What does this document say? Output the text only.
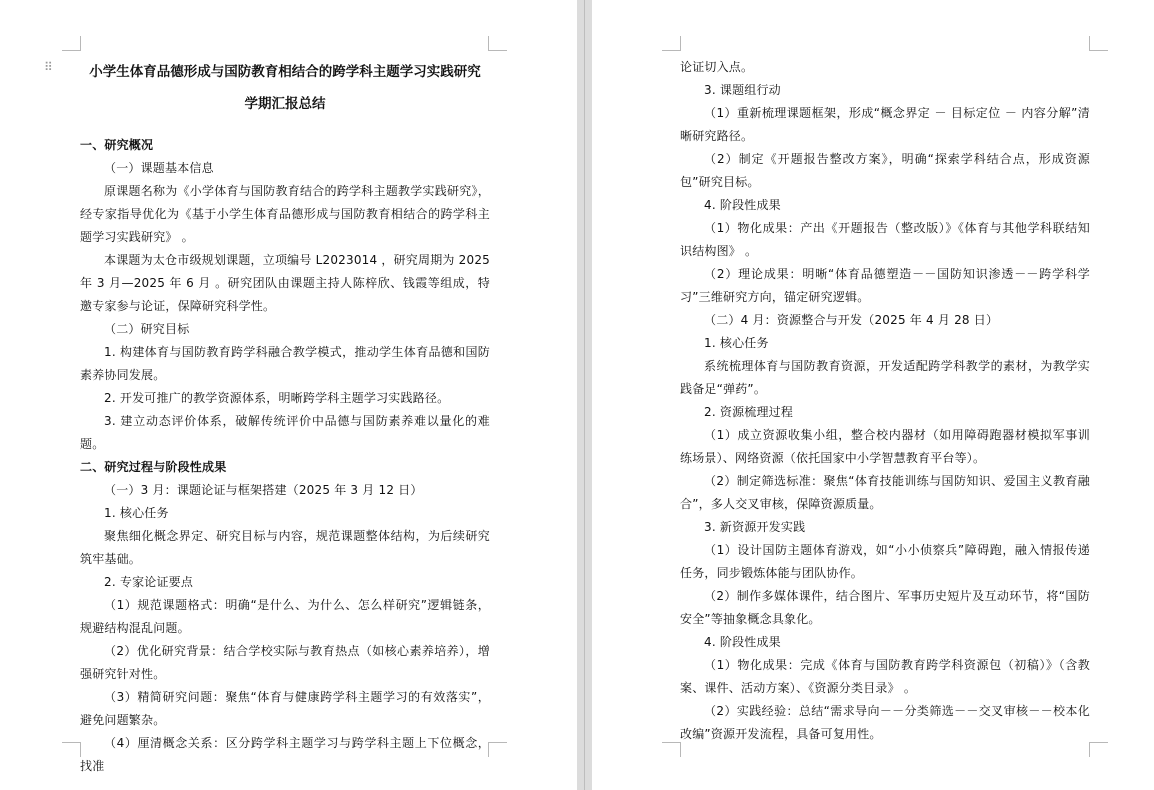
⠿	小学生体育品德形成与国防教育相结合的跨学科主题学习实践研究

学期汇报总结

一、研究概况

（一）课题基本信息

原课题名称为《小学体育与国防教育结合的跨学科主题教学实践研究》，经专家指导优化为《基于小学生体育品德形成与国防教育相结合的跨学科主题学习实践研究》 。

本课题为太仓市级规划课题，立项编号 L2023014 ，研究周期为 2025 年 3 月—2025 年 6 月 。研究团队由课题主持人陈梓欣、钱霞等组成，特邀专家参与论证，保障研究科学性。

（二）研究目标

1. 构建体育与国防教育跨学科融合教学模式，推动学生体育品德和国防素养协同发展。

2. 开发可推广的教学资源体系，明晰跨学科主题学习实践路径。

3. 建立动态评价体系，破解传统评价中品德与国防素养难以量化的难题。

二、研究过程与阶段性成果

（一）3 月：课题论证与框架搭建（2025 年 3 月 12 日）

1. 核心任务

聚焦细化概念界定、研究目标与内容，规范课题整体结构，为后续研究筑牢基础。

2. 专家论证要点

（1）规范课题格式：明确“是什么、为什么、怎么样研究”逻辑链条，规避结构混乱问题。

（2）优化研究背景：结合学校实际与教育热点（如核心素养培养），增强研究针对性。

（3）精简研究问题：聚焦“体育与健康跨学科主题学习的有效落实”，避免问题繁杂。

（4）厘清概念关系：区分跨学科主题学习与跨学科主题上下位概念，找准

论证切入点。

3. 课题组行动

（1）重新梳理课题框架，形成“概念界定 － 目标定位 － 内容分解”清晰研究路径。

（2）制定《开题报告整改方案》，明确“探索学科结合点，形成资源包”研究目标。

4. 阶段性成果

（1）物化成果：产出《开题报告（整改版）》《体育与其他学科联结知识结构图》 。

（2）理论成果：明晰“体育品德塑造－－国防知识渗透－－跨学科学习”三维研究方向，锚定研究逻辑。

（二）4 月：资源整合与开发（2025 年 4 月 28 日）

1. 核心任务

系统梳理体育与国防教育资源，开发适配跨学科教学的素材，为教学实践备足“弹药”。

2. 资源梳理过程

（1）成立资源收集小组，整合校内器材（如用障碍跑器材模拟军事训练场景）、网络资源（依托国家中小学智慧教育平台等）。

（2）制定筛选标准：聚焦“体育技能训练与国防知识、爱国主义教育融合”，多人交叉审核，保障资源质量。

3. 新资源开发实践

（1）设计国防主题体育游戏，如“小小侦察兵”障碍跑，融入情报传递任务，同步锻炼体能与团队协作。

（2）制作多媒体课件，结合图片、军事历史短片及互动环节，将“国防安全”等抽象概念具象化。

4. 阶段性成果

（1）物化成果：完成《体育与国防教育跨学科资源包（初稿）》（含教案、课件、活动方案）、《资源分类目录》 。

（2）实践经验：总结“需求导向－－分类筛选－－交叉审核－－校本化改编”资源开发流程，具备可复用性。
